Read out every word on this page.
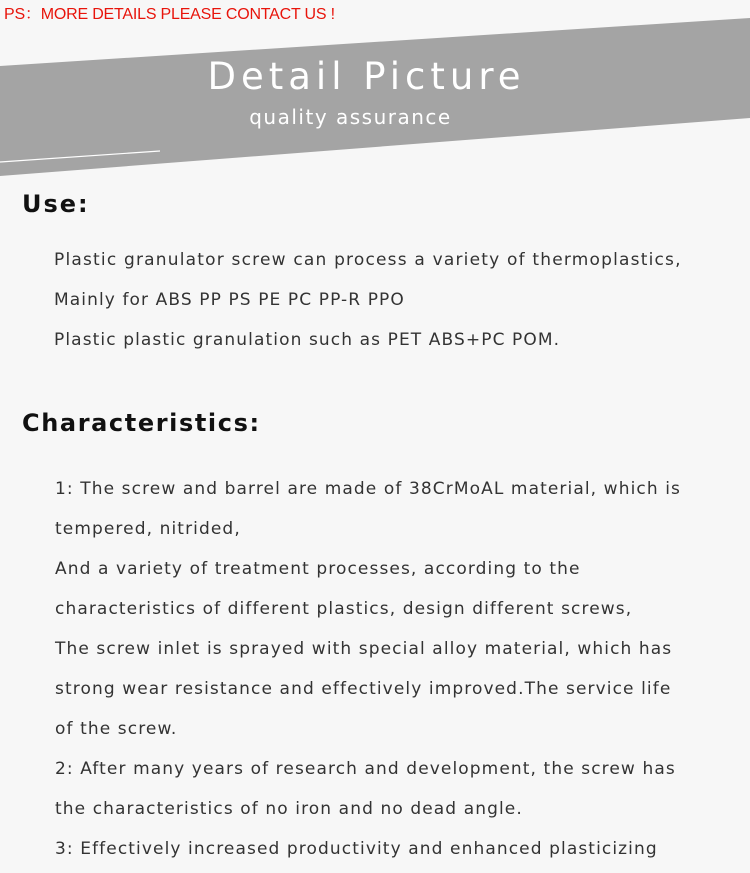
PS：MORE DETAILS PLEASE CONTACT US !
Detail Picture
quality assurance
Use:
Plastic granulator screw can process a variety of thermoplastics,
Mainly for ABS PP PS PE PC PP-R PPO
Plastic plastic granulation such as PET ABS+PC POM.
Characteristics:
1: The screw and barrel are made of 38CrMoAL material, which is
tempered, nitrided,
And a variety of treatment processes, according to the
characteristics of different plastics, design different screws,
The screw inlet is sprayed with special alloy material, which has
strong wear resistance and effectively improved.The service life
of the screw.
2: After many years of research and development, the screw has
the characteristics of no iron and no dead angle.
3: Effectively increased productivity and enhanced plasticizing
